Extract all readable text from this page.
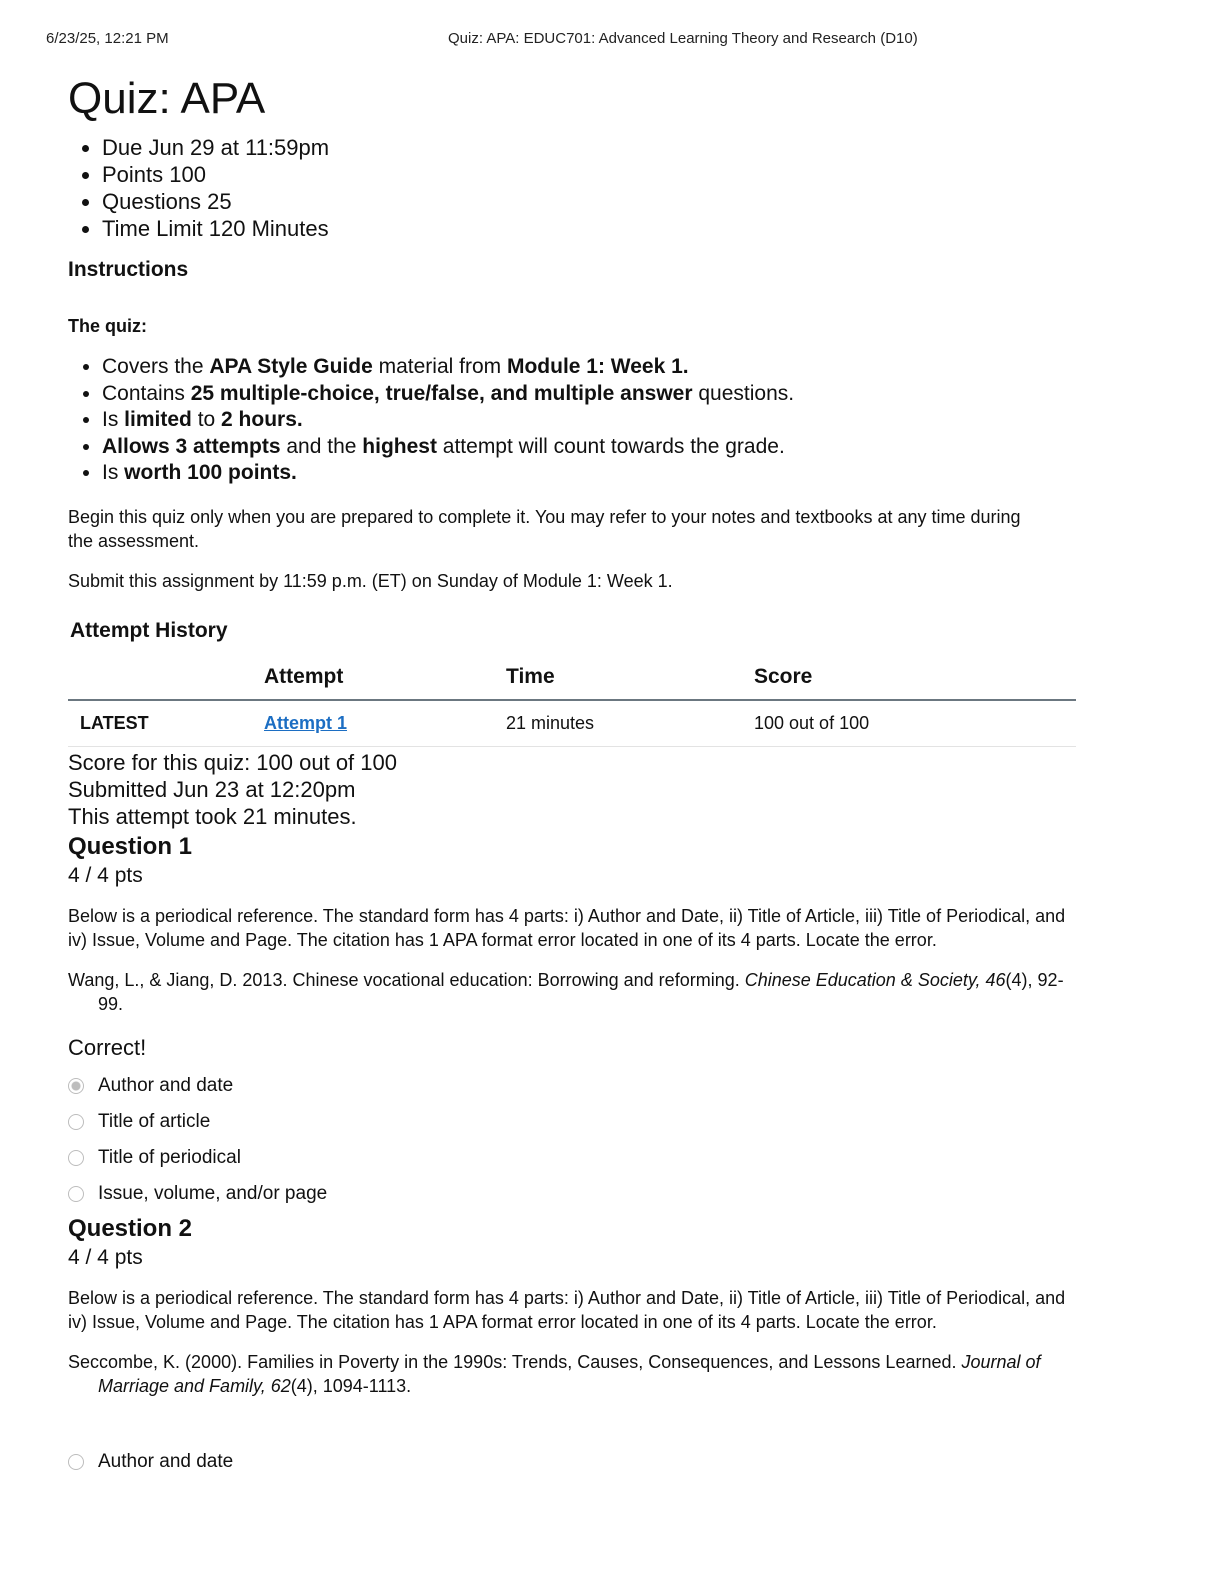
6/23/25, 12:21 PM	Quiz: APA: EDUC701: Advanced Learning Theory and Research (D10)
Quiz: APA
• Due Jun 29 at 11:59pm
• Points 100
• Questions 25
• Time Limit 120 Minutes
Instructions
The quiz:
• Covers the APA Style Guide material from Module 1: Week 1.
• Contains 25 multiple-choice, true/false, and multiple answer questions.
• Is limited to 2 hours.
• Allows 3 attempts and the highest attempt will count towards the grade.
• Is worth 100 points.

Begin this quiz only when you are prepared to complete it. You may refer to your notes and textbooks at any time during the assessment.

Submit this assignment by 11:59 p.m. (ET) on Sunday of Module 1: Week 1.

Attempt History
	Attempt	Time	Score
LATEST	Attempt 1	21 minutes	100 out of 100
Score for this quiz: 100 out of 100
Submitted Jun 23 at 12:20pm
This attempt took 21 minutes.
Question 1
4 / 4 pts
Below is a periodical reference. The standard form has 4 parts: i) Author and Date, ii) Title of Article, iii) Title of Periodical, and iv) Issue, Volume and Page. The citation has 1 APA format error located in one of its 4 parts. Locate the error.
Wang, L., & Jiang, D. 2013. Chinese vocational education: Borrowing and reforming. Chinese Education & Society, 46(4), 92-99.
Correct!
Author and date
Title of article
Title of periodical
Issue, volume, and/or page
Question 2
4 / 4 pts
Below is a periodical reference. The standard form has 4 parts: i) Author and Date, ii) Title of Article, iii) Title of Periodical, and iv) Issue, Volume and Page. The citation has 1 APA format error located in one of its 4 parts. Locate the error.
Seccombe, K. (2000). Families in Poverty in the 1990s: Trends, Causes, Consequences, and Lessons Learned. Journal of Marriage and Family, 62(4), 1094-1113.
Author and date
